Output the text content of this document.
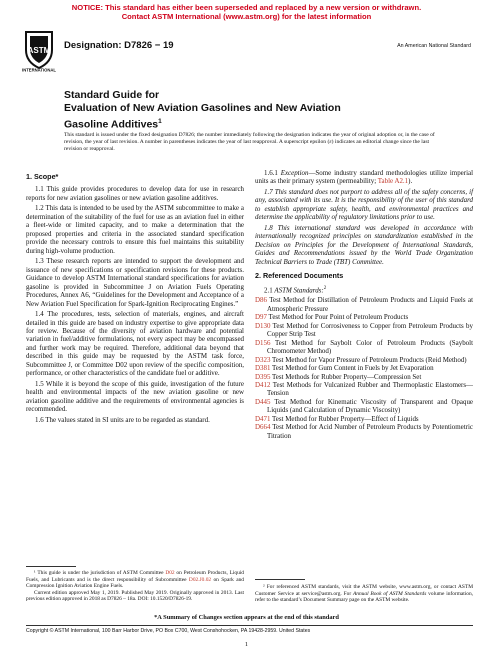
NOTICE: This standard has either been superseded and replaced by a new version or withdrawn.
Contact ASTM International (www.astm.org) for the latest information
ASTM
INTERNATIONAL
Designation: D7826 − 19	An American National Standard
Standard Guide for
Evaluation of New Aviation Gasolines and New Aviation
Gasoline Additives$^1$
This standard is issued under the fixed designation D7826; the number immediately following the designation indicates the year of original adoption or, in the case of revision, the year of last revision. A number in parentheses indicates the year of last reapproval. A superscript epsilon (ε) indicates an editorial change since the last revision or reapproval.
1. Scope*

1.1 This guide provides procedures to develop data for use in research reports for new aviation gasolines or new aviation gasoline additives.

1.2 This data is intended to be used by the ASTM subcommittee to make a determination of the suitability of the fuel for use as an aviation fuel in either a fleet-wide or limited capacity, and to make a determination that the proposed properties and criteria in the associated standard specification provide the necessary controls to ensure this fuel maintains this suitability during high-volume production.

1.3 These research reports are intended to support the development and issuance of new specifications or specification revisions for these products. Guidance to develop ASTM International standard specifications for aviation gasoline is provided in Subcommittee J on Aviation Fuels Operating Procedures, Annex A6, “Guidelines for the Development and Acceptance of a New Aviation Fuel Specification for Spark-Ignition Reciprocating Engines.”

1.4 The procedures, tests, selection of materials, engines, and aircraft detailed in this guide are based on industry expertise to give appropriate data for review. Because of the diversity of aviation hardware and potential variation in fuel/additive formulations, not every aspect may be encompassed and further work may be required. Therefore, additional data beyond that described in this guide may be requested by the ASTM task force, Subcommittee J, or Committee D02 upon review of the specific composition, performance, or other characteristics of the candidate fuel or additive.

1.5 While it is beyond the scope of this guide, investigation of the future health and environmental impacts of the new aviation gasoline or new aviation gasoline additive and the requirements of environmental agencies is recommended.

1.6 The values stated in SI units are to be regarded as standard.

1.6.1 Exception—Some industry standard methodologies utilize imperial units as their primary system (permeability; Table A2.1).

1.7 This standard does not purport to address all of the safety concerns, if any, associated with its use. It is the responsibility of the user of this standard to establish appropriate safety, health, and environmental practices and determine the applicability of regulatory limitations prior to use.

1.8 This international standard was developed in accordance with internationally recognized principles on standardization established in the Decision on Principles for the Development of International Standards, Guides and Recommendations issued by the World Trade Organization Technical Barriers to Trade (TBT) Committee.

2. Referenced Documents

2.1 ASTM Standards:$^2$

D86 Test Method for Distillation of Petroleum Products and Liquid Fuels at Atmospheric Pressure
D97 Test Method for Pour Point of Petroleum Products
D130 Test Method for Corrosiveness to Copper from Petroleum Products by Copper Strip Test
D156 Test Method for Saybolt Color of Petroleum Products (Saybolt Chromometer Method)
D323 Test Method for Vapor Pressure of Petroleum Products (Reid Method)
D381 Test Method for Gum Content in Fuels by Jet Evaporation
D395 Test Methods for Rubber Property—Compression Set
D412 Test Methods for Vulcanized Rubber and Thermoplastic Elastomers—Tension
D445 Test Method for Kinematic Viscosity of Transparent and Opaque Liquids (and Calculation of Dynamic Viscosity)
D471 Test Method for Rubber Property—Effect of Liquids
D664 Test Method for Acid Number of Petroleum Products by Potentiometric Titration
¹ This guide is under the jurisdiction of ASTM Committee D02 on Petroleum Products, Liquid Fuels, and Lubricants and is the direct responsibility of Subcommittee D02.J0.02 on Spark and Compression Ignition Aviation Engine Fuels.
Current edition approved May 1, 2019. Published May 2019. Originally approved in 2013. Last previous edition approved in 2018 as D7826 – 18a. DOI: 10.1520/D7826-19.
² For referenced ASTM standards, visit the ASTM website, www.astm.org, or contact ASTM Customer Service at service@astm.org. For Annual Book of ASTM Standards volume information, refer to the standard’s Document Summary page on the ASTM website.
*A Summary of Changes section appears at the end of this standard
Copyright © ASTM International, 100 Barr Harbor Drive, PO Box C700, West Conshohocken, PA 19428-2959. United States
1
